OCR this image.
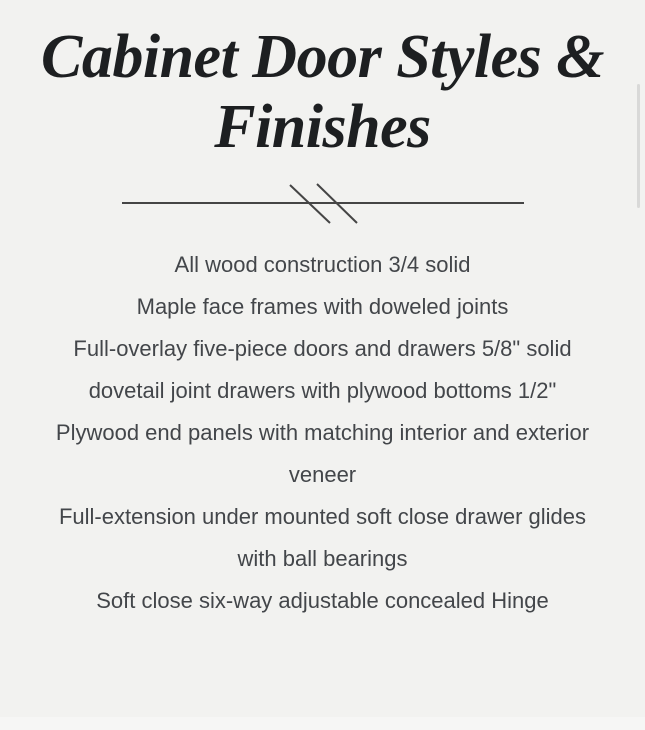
Cabinet Door Styles &
Finishes

All wood construction 3/4 solid

Maple face frames with doweled joints

Full-overlay five-piece doors and drawers 5/8" solid

dovetail joint drawers with plywood bottoms 1/2"

Plywood end panels with matching interior and exterior

veneer

Full-extension under mounted soft close drawer glides

with ball bearings

Soft close six-way adjustable concealed Hinge
